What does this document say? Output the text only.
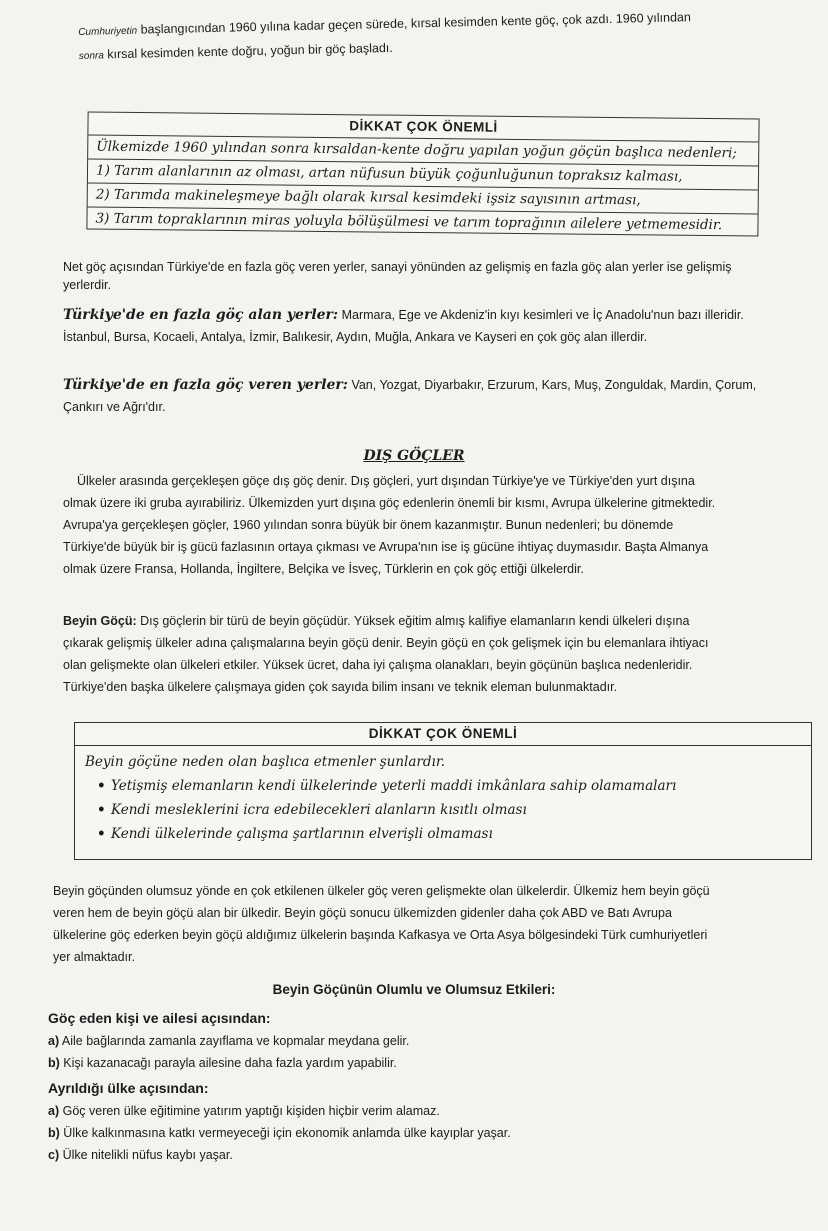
Cumhuriyetin başlangıcından 1960 yılına kadar geçen sürede, kırsal kesimden kente göç, çok azdı. 1960 yılından
sonra kırsal kesimden kente doğru, yoğun bir göç başladı.
DİKKAT ÇOK ÖNEMLİ
Ülkemizde 1960 yılından sonra kırsaldan-kente doğru yapılan yoğun göçün başlıca nedenleri;
1) Tarım alanlarının az olması, artan nüfusun büyük çoğunluğunun topraksız kalması,
2) Tarımda makineleşmeye bağlı olarak kırsal kesimdeki işsiz sayısının artması,
3) Tarım topraklarının miras yoluyla bölüşülmesi ve tarım toprağının ailelere yetmemesidir.
Net göç açısından Türkiye'de en fazla göç veren yerler, sanayi yönünden az gelişmiş en fazla göç alan yerler ise gelişmiş
yerlerdir.
Türkiye'de en fazla göç alan yerler: Marmara, Ege ve Akdeniz'in kıyı kesimleri ve İç Anadolu'nun bazı illeridir.
İstanbul, Bursa, Kocaeli, Antalya, İzmir, Balıkesir, Aydın, Muğla, Ankara ve Kayseri en çok göç alan illerdir.
Türkiye'de en fazla göç veren yerler: Van, Yozgat, Diyarbakır, Erzurum, Kars, Muş, Zonguldak, Mardin, Çorum,
Çankırı ve Ağrı'dır.
DIŞ GÖÇLER
Ülkeler arasında gerçekleşen göçe dış göç denir. Dış göçleri, yurt dışından Türkiye'ye ve Türkiye'den yurt dışına
olmak üzere iki gruba ayırabiliriz. Ülkemizden yurt dışına göç edenlerin önemli bir kısmı, Avrupa ülkelerine gitmektedir.
Avrupa'ya gerçekleşen göçler, 1960 yılından sonra büyük bir önem kazanmıştır. Bunun nedenleri; bu dönemde
Türkiye'de büyük bir iş gücü fazlasının ortaya çıkması ve Avrupa'nın ise iş gücüne ihtiyaç duymasıdır. Başta Almanya
olmak üzere Fransa, Hollanda, İngiltere, Belçika ve İsveç, Türklerin en çok göç ettiği ülkelerdir.
Beyin Göçü: Dış göçlerin bir türü de beyin göçüdür. Yüksek eğitim almış kalifiye elamanların kendi ülkeleri dışına
çıkarak gelişmiş ülkeler adına çalışmalarına beyin göçü denir. Beyin göçü en çok gelişmek için bu elemanlara ihtiyacı
olan gelişmekte olan ülkeleri etkiler. Yüksek ücret, daha iyi çalışma olanakları, beyin göçünün başlıca nedenleridir.
Türkiye'den başka ülkelere çalışmaya giden çok sayıda bilim insanı ve teknik eleman bulunmaktadır.
DİKKAT ÇOK ÖNEMLİ
Beyin göçüne neden olan başlıca etmenler şunlardır.
• Yetişmiş elemanların kendi ülkelerinde yeterli maddi imkânlara sahip olamamaları
• Kendi mesleklerini icra edebilecekleri alanların kısıtlı olması
• Kendi ülkelerinde çalışma şartlarının elverişli olmaması
Beyin göçünden olumsuz yönde en çok etkilenen ülkeler göç veren gelişmekte olan ülkelerdir. Ülkemiz hem beyin göçü
veren hem de beyin göçü alan bir ülkedir. Beyin göçü sonucu ülkemizden gidenler daha çok ABD ve Batı Avrupa
ülkelerine göç ederken beyin göçü aldığımız ülkelerin başında Kafkasya ve Orta Asya bölgesindeki Türk cumhuriyetleri
yer almaktadır.
Beyin Göçünün Olumlu ve Olumsuz Etkileri:
Göç eden kişi ve ailesi açısından:
a) Aile bağlarında zamanla zayıflama ve kopmalar meydana gelir.
b) Kişi kazanacağı parayla ailesine daha fazla yardım yapabilir.
Ayrıldığı ülke açısından:
a) Göç veren ülke eğitimine yatırım yaptığı kişiden hiçbir verim alamaz.
b) Ülke kalkınmasına katkı vermeyeceği için ekonomik anlamda ülke kayıplar yaşar.
c) Ülke nitelikli nüfus kaybı yaşar.
